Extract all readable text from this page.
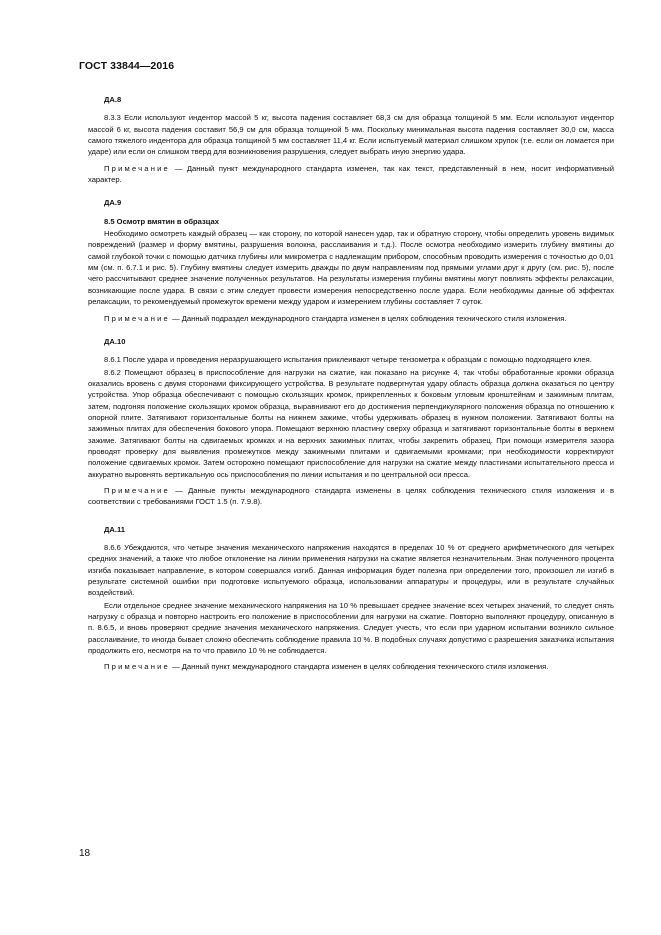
ГОСТ 33844—2016
ДА.8

8.3.3 Если используют индентор массой 5 кг, высота падения составляет 68,3 см для образца толщиной 5 мм. Если используют индентор массой 6 кг, высота падения составит 56,9 см для образца толщиной 5 мм. Поскольку минимальная высота падения составляет 30,0 см, масса самого тяжелого индентора для образца толщиной 5 мм составляет 11,4 кг. Если испытуемый материал слишком хрупок (т.е. если он ломается при ударе) или если он слишком тверд для возникновения разрушения, следует выбрать иную энергию удара.

Примечание — Данный пункт международного стандарта изменен, так как текст, представленный в нем, носит информативный характер.

ДА.9
8.5 Осмотр вмятин в образцах

Необходимо осмотреть каждый образец — как сторону, по которой нанесен удар, так и обратную сторону, чтобы определить уровень видимых повреждений (размер и форму вмятины, разрушения волокна, расслаивания и т.д.). После осмотра необходимо измерить глубину вмятины до самой глубокой точки с помощью датчика глубины или микрометра с надлежащим прибором, способным проводить измерения с точностью до 0,01 мм (см. п. 6.7.1 и рис. 5). Глубину вмятины следует измерить дважды по двум направлениям под прямыми углами друг к другу (см. рис. 5), после чего рассчитывают среднее значение полученных результатов. На результаты измерения глубины вмятины могут повлиять эффекты релаксации, возникающие после удара. В связи с этим следует провести измерения непосредственно после удара. Если необходимы данные об эффектах релаксации, то рекомендуемый промежуток времени между ударом и измерением глубины составляет 7 суток.

Примечание — Данный подраздел международного стандарта изменен в целях соблюдения технического стиля изложения.

ДА.10

8.6.1 После удара и проведения неразрушающего испытания приклеивают четыре тензометра к образцам с помощью подходящего клея.

8.6.2 Помещают образец в приспособление для нагрузки на сжатие, как показано на рисунке 4, так чтобы обработанные кромки образца оказались вровень с двумя сторонами фиксирующего устройства. В результате подвергнутая удару область образца должна оказаться по центру устройства. Упор образца обеспечивают с помощью скользящих кромок, прикрепленных к боковым угловым кронштейнам и зажимным плитам, затем, подгоняя положение скользящих кромок образца, выравнивают его до достижения перпендикулярного положения образца по отношению к опорной плите. Затягивают горизонтальные болты на нижнем зажиме, чтобы удерживать образец в нужном положении. Затягивают болты на зажимных плитах для обеспечения бокового упора. Помещают верхнюю пластину сверху образца и затягивают горизонтальные болты в верхнем зажиме. Затягивают болты на сдвигаемых кромках и на верхних зажимных плитах, чтобы закрепить образец. При помощи измерителя зазора проводят проверку для выявления промежутков между зажимными плитами и сдвигаемыми кромками; при необходимости корректируют положение сдвигаемых кромок. Затем осторожно помещают приспособление для нагрузки на сжатие между пластинами испытательного пресса и аккуратно выровнять вертикальную ось приспособления по линии испытания и по центральной оси пресса.

Примечание — Данные пункты международного стандарта изменены в целях соблюдения технического стиля изложения и в соответствии с требованиями ГОСТ 1.5 (п. 7.9.8).

ДА.11

8.6.6 Убеждаются, что четыре значения механического напряжения находятся в пределах 10 % от среднего арифметического для четырех средних значений, а также что любое отклонение на линии применения нагрузки на сжатие является незначительным. Знак полученного процента изгиба показывает направление, в котором совершался изгиб. Данная информация будет полезна при определении того, произошел ли изгиб в результате системной ошибки при подготовке испытуемого образца, использовании аппаратуры и процедуры, или в результате случайных воздействий.

Если отдельное среднее значение механического напряжения на 10 % превышает среднее значение всех четырех значений, то следует снять нагрузку с образца и повторно настроить его положение в приспособлении для нагрузки на сжатие. Повторно выполняют процедуру, описанную в п. 8.6.5, и вновь проверяют средние значения механического напряжения. Следует учесть, что если при ударном испытании возникло сильное расслаивание, то иногда бывает сложно обеспечить соблюдение правила 10 %. В подобных случаях допустимо с разрешения заказчика испытания продолжить его, несмотря на то что правило 10 % не соблюдается.

Примечание — Данный пункт международного стандарта изменен в целях соблюдения технического стиля изложения.

18
